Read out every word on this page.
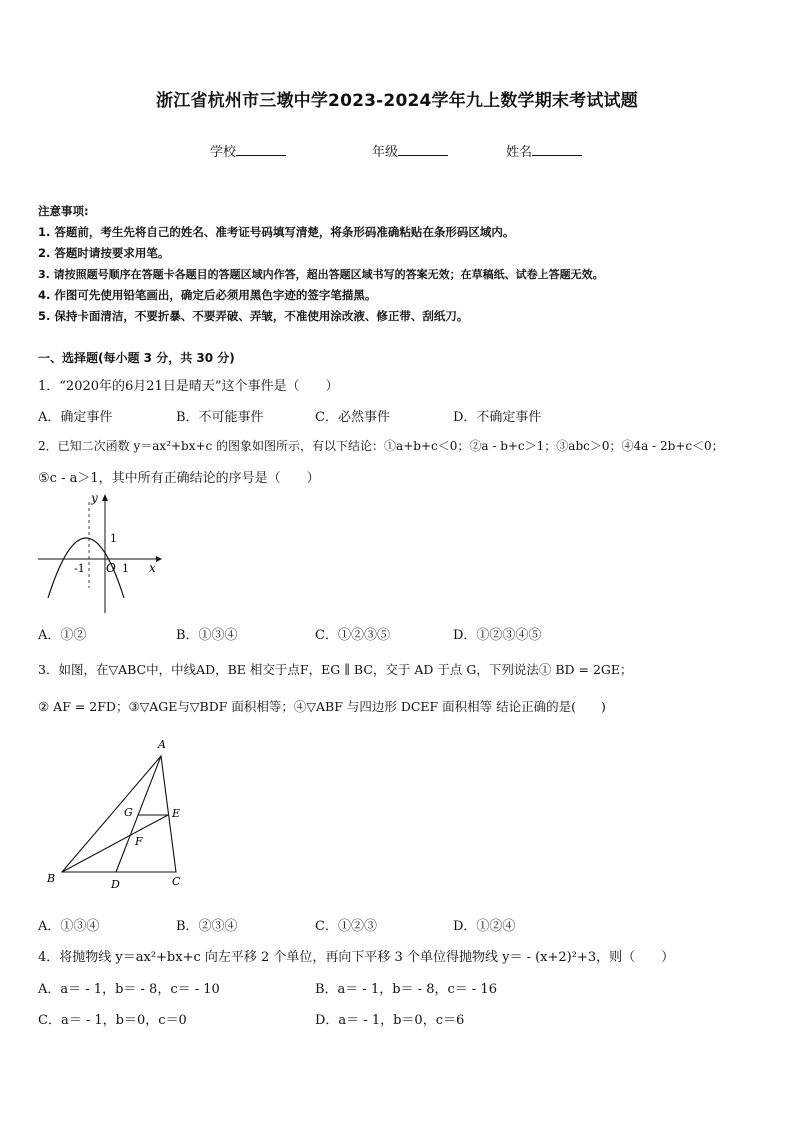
浙江省杭州市三墩中学2023-2024学年九上数学期末考试试题
学校	年级	姓名
注意事项:
1. 答题前，考生先将自己的姓名、准考证号码填写清楚，将条形码准确粘贴在条形码区域内。
2. 答题时请按要求用笔。
3. 请按照题号顺序在答题卡各题目的答题区域内作答，超出答题区域书写的答案无效；在草稿纸、试卷上答题无效。
4. 作图可先使用铅笔画出，确定后必须用黑色字迹的签字笔描黑。
5. 保持卡面清洁，不要折暴、不要弄破、弄皱，不准使用涂改液、修正带、刮纸刀。
一、选择题(每小题 3 分，共 30 分)
1．“2020年的6月21日是晴天”这个事件是（　　）
A．确定事件	B．不可能事件	C．必然事件	D．不确定事件
2．已知二次函数 y＝ax²+bx+c 的图象如图所示，有以下结论：①a+b+c＜0；②a - b+c＞1；③abc＞0；④4a - 2b+c＜0；
⑤c - a＞1，其中所有正确结论的序号是（　　）
y
x
O
-1	1
1
A．①②	B．①③④	C．①②③⑤	D．①②③④⑤
3．如图，在▽ABC中，中线AD，BE 相交于点F，EG ∥ BC，交于 AD 于点 G，下列说法① BD = 2GE；
② AF = 2FD；③▽AGE与▽BDF 面积相等；④▽ABF 与四边形 DCEF 面积相等 结论正确的是(　　)
A
B	C
D
E
F
G
A．①③④	B．②③④	C．①②③	D．①②④
4．将抛物线 y＝ax²+bx+c 向左平移 2 个单位，再向下平移 3 个单位得抛物线 y＝ - (x+2)²+3，则（　　）
A．a＝ - 1，b＝ - 8，c＝ - 10	B．a＝ - 1，b＝ - 8，c＝ - 16
C．a＝ - 1，b＝0，c＝0	D．a＝ - 1，b＝0，c＝6
